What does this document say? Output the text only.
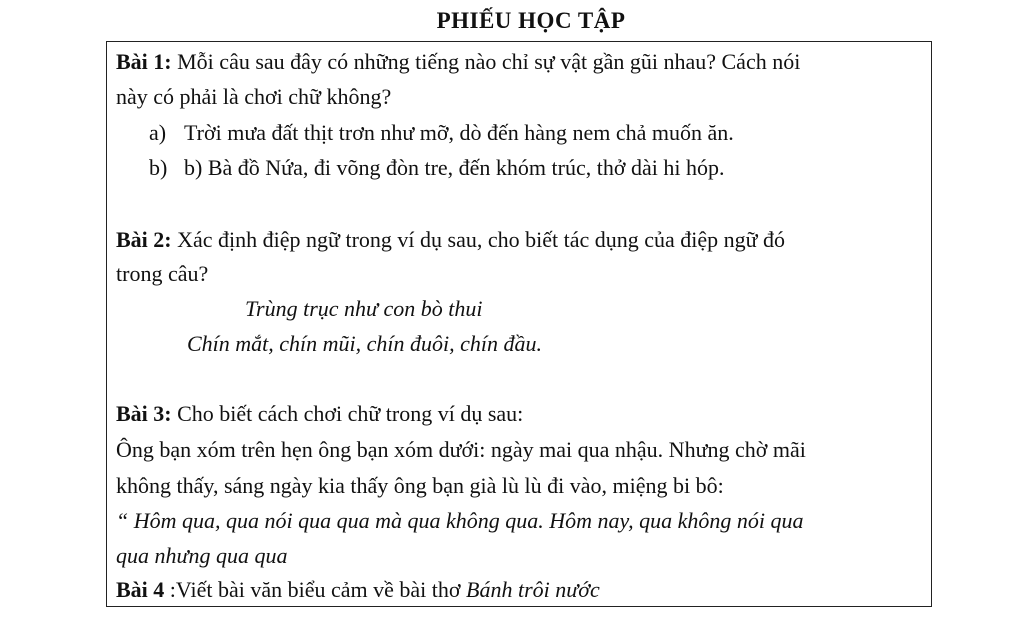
PHIẾU HỌC TẬP
Bài 1: Mỗi câu sau đây có những tiếng nào chỉ sự vật gần gũi nhau? Cách nói
này có phải là chơi chữ không?
a) Trời mưa đất thịt trơn như mỡ, dò đến hàng nem chả muốn ăn.
b) b) Bà đồ Nứa, đi võng đòn tre, đến khóm trúc, thở dài hi hóp.
Bài 2: Xác định điệp ngữ trong ví dụ sau, cho biết tác dụng của điệp ngữ đó
trong câu?
Trùng trục như con bò thui
Chín mắt, chín mũi, chín đuôi, chín đầu.
Bài 3: Cho biết cách chơi chữ trong ví dụ sau:
Ông bạn xóm trên hẹn ông bạn xóm dưới: ngày mai qua nhậu. Nhưng chờ mãi
không thấy, sáng ngày kia thấy ông bạn già lù lù đi vào, miệng bi bô:
“ Hôm qua, qua nói qua qua mà qua không qua. Hôm nay, qua không nói qua
qua nhưng qua qua
Bài 4 :Viết bài văn biểu cảm về bài thơ Bánh trôi nước
